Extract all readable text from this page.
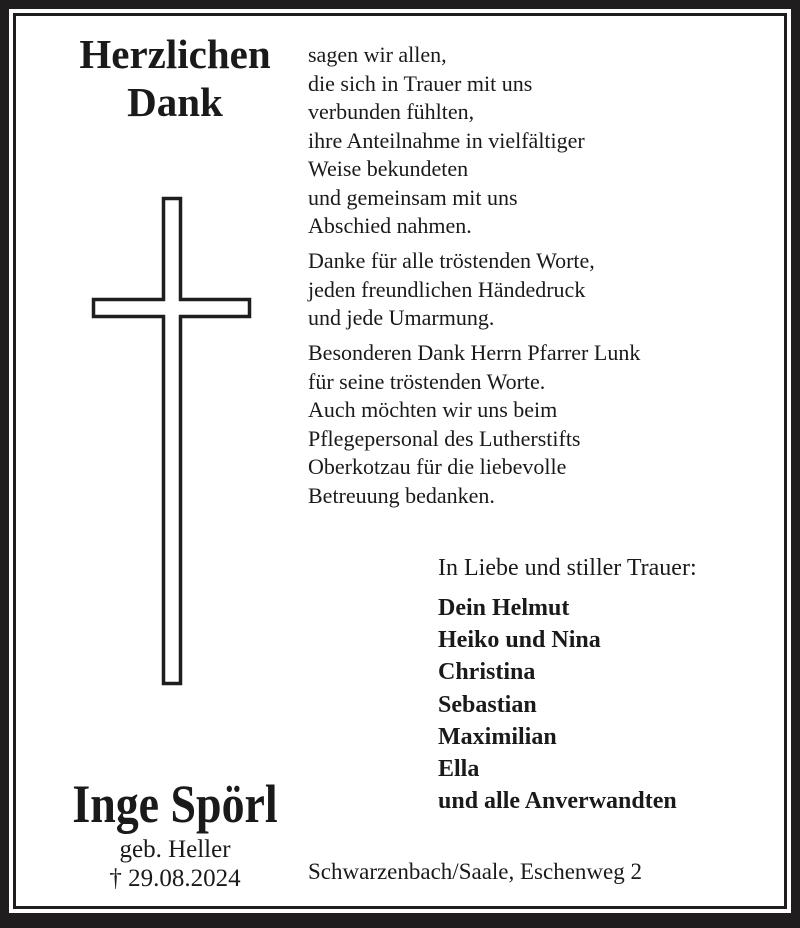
Herzlichen
Dank
sagen wir allen,
die sich in Trauer mit uns
verbunden fühlten,
ihre Anteilnahme in vielfältiger
Weise bekundeten
und gemeinsam mit uns
Abschied nahmen.
Danke für alle tröstenden Worte,
jeden freundlichen Händedruck
und jede Umarmung.
Besonderen Dank Herrn Pfarrer Lunk
für seine tröstenden Worte.
Auch möchten wir uns beim
Pflegepersonal des Lutherstifts
Oberkotzau für die liebevolle
Betreuung bedanken.
In Liebe und stiller Trauer:
Dein Helmut
Heiko und Nina
Christina
Sebastian
Maximilian
Ella
und alle Anverwandten
Inge Spörl
geb. Heller
† 29.08.2024	Schwarzenbach/Saale, Eschenweg 2
